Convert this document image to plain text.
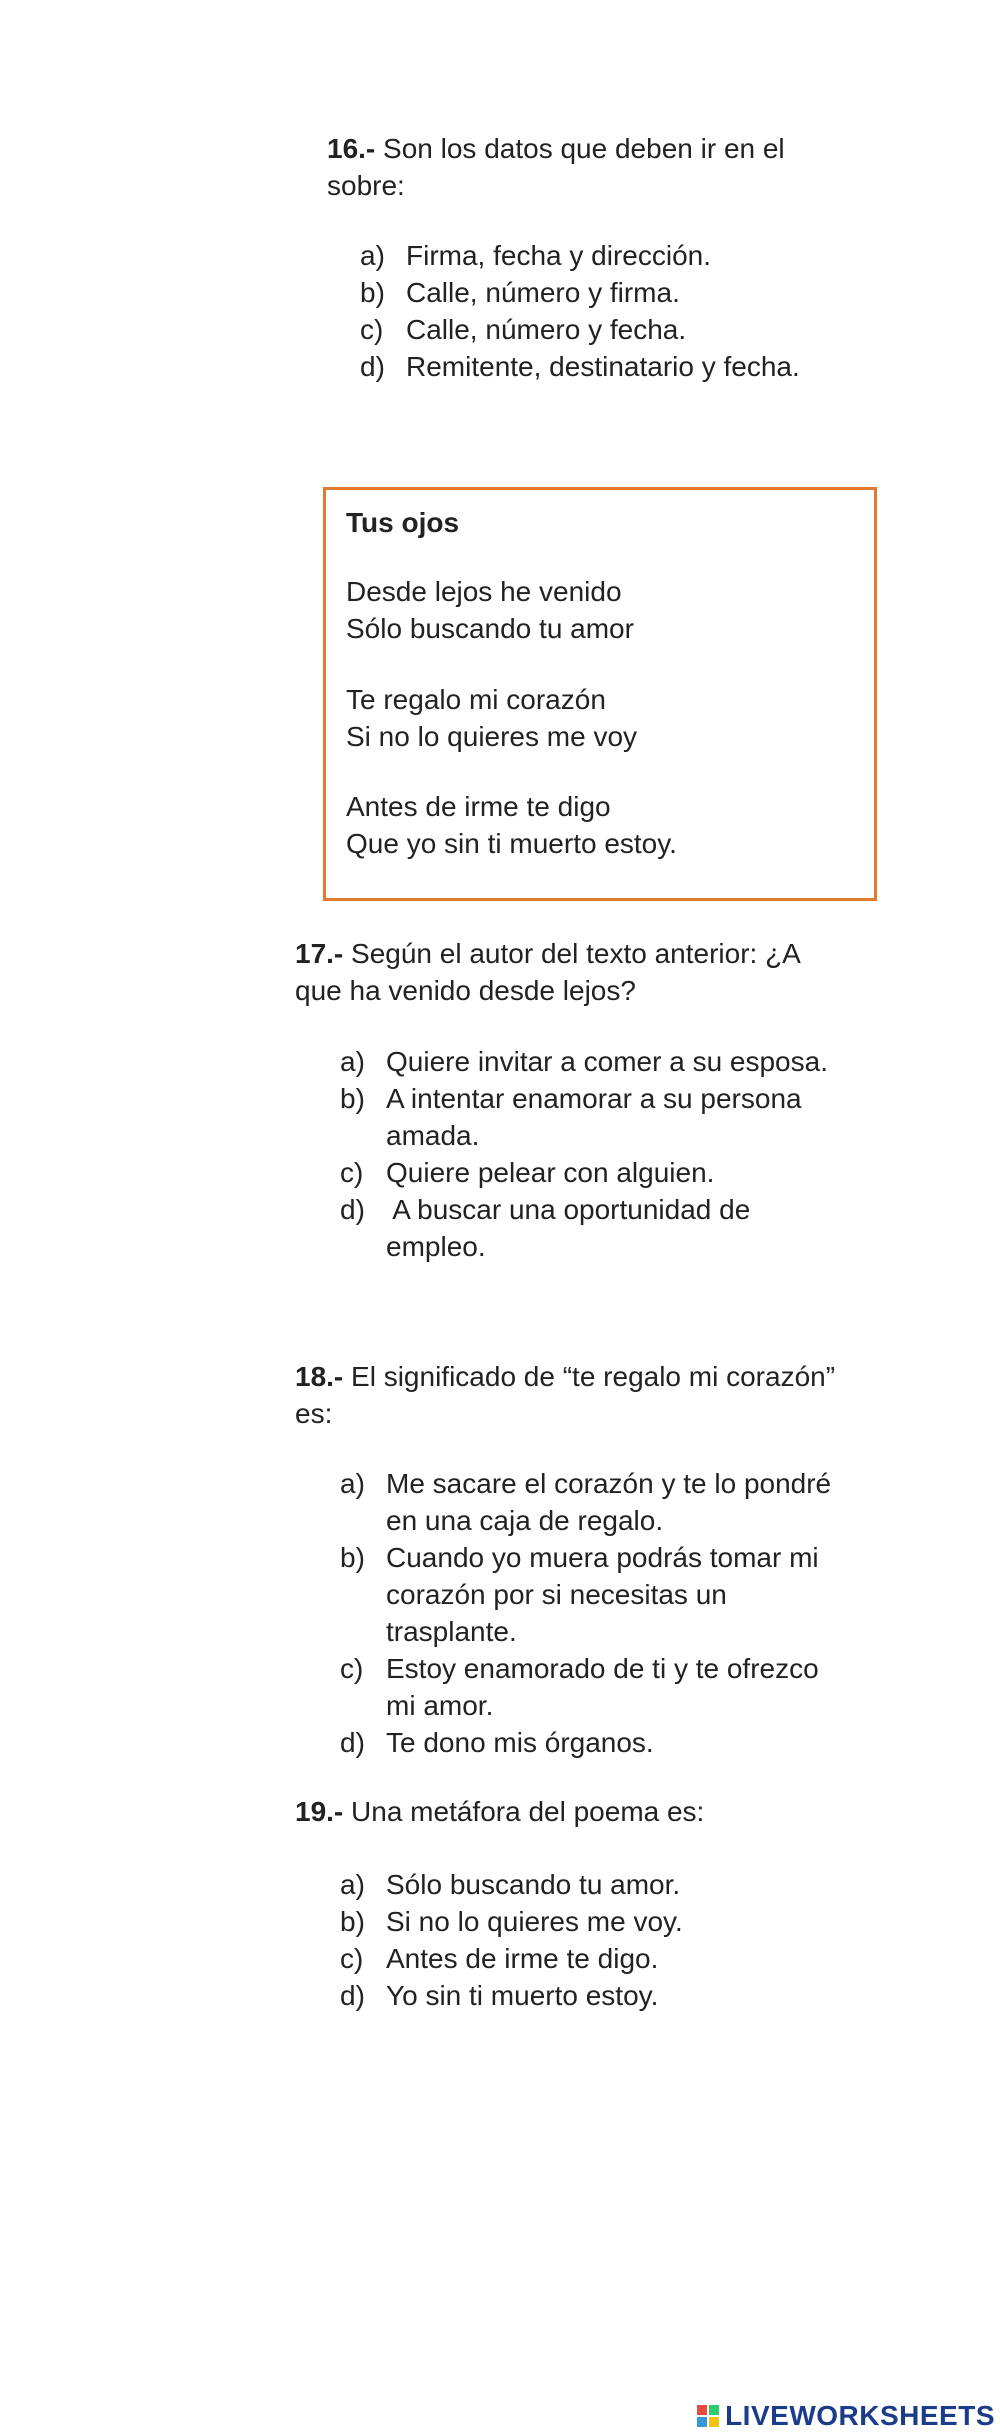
16.- Son los datos que deben ir en el
sobre:
a) Firma, fecha y dirección.
b) Calle, número y firma.
c) Calle, número y fecha.
d) Remitente, destinatario y fecha.
Tus ojos
Desde lejos he venido
Sólo buscando tu amor
Te regalo mi corazón
Si no lo quieres me voy
Antes de irme te digo
Que yo sin ti muerto estoy.
17.- Según el autor del texto anterior: ¿A
que ha venido desde lejos?
a) Quiere invitar a comer a su esposa.
b) A intentar enamorar a su persona
amada.
c) Quiere pelear con alguien.
d) A buscar una oportunidad de
empleo.
18.- El significado de “te regalo mi corazón”
es:
a) Me sacare el corazón y te lo pondré
en una caja de regalo.
b) Cuando yo muera podrás tomar mi
corazón por si necesitas un
trasplante.
c) Estoy enamorado de ti y te ofrezco
mi amor.
d) Te dono mis órganos.
19.- Una metáfora del poema es:
a) Sólo buscando tu amor.
b) Si no lo quieres me voy.
c) Antes de irme te digo.
d) Yo sin ti muerto estoy.
LIVEWORKSHEETS
